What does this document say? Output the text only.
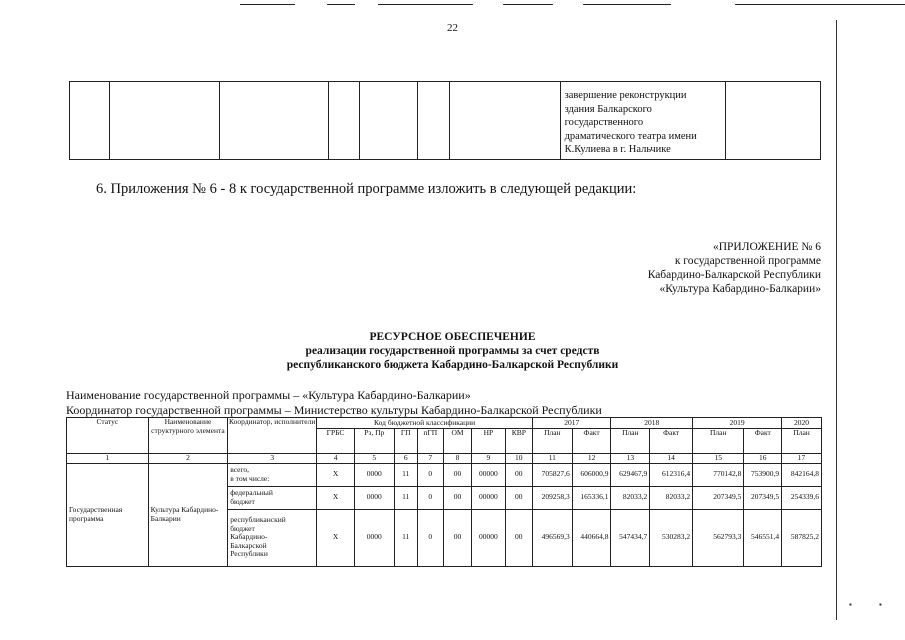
22

завершение реконструкции
здания Балкарского
государственного
драматического театра имени
К.Кулиева в г. Нальчике

6. Приложения № 6 - 8 к государственной программе изложить в следующей редакции:
«ПРИЛОЖЕНИЕ № 6
к государственной программе
Кабардино-Балкарской Республики
«Культура Кабардино-Балкарии»
РЕСУРСНОЕ ОБЕСПЕЧЕНИЕ
реализации государственной программы за счет средств
республиканского бюджета Кабардино-Балкарской Республики
Наименование государственной программы – «Культура Кабардино-Балкарии»
Координатор государственной программы – Министерство культуры Кабардино-Балкарской Республики
Статус	Наименование структурного элемента	Координатор, исполнители	Код бюджетной классификации							2017		2018		2019		2020
			ГРБС	Рз, Пр	ГП	пГП	ОМ	НР	КВР	План	Факт	План	Факт	План	Факт	План
1	2	3	4	5	6	7	8	9	10	11	12	13	14	15	16	17
Государственная программа	Культура Кабардино-Балкарии	всего,
в том числе:	X	0000	11	0	00	00000	00	705827,6	606000,9	629467,9	612316,4	770142,8	753900,9	842164,8

		федеральный
бюджет	X	0000	11	0	00	00000	00	209258,3	165336,1	82033,2	82033,2	207349,5	207349,5	254339,6

		республиканский
бюджет
Кабардино-
Балкарской
Республики	X	0000	11	0	00	00000	00	496569,3	440664,8	547434,7	530283,2	562793,3	546551,4	587825,2
▪	▪
